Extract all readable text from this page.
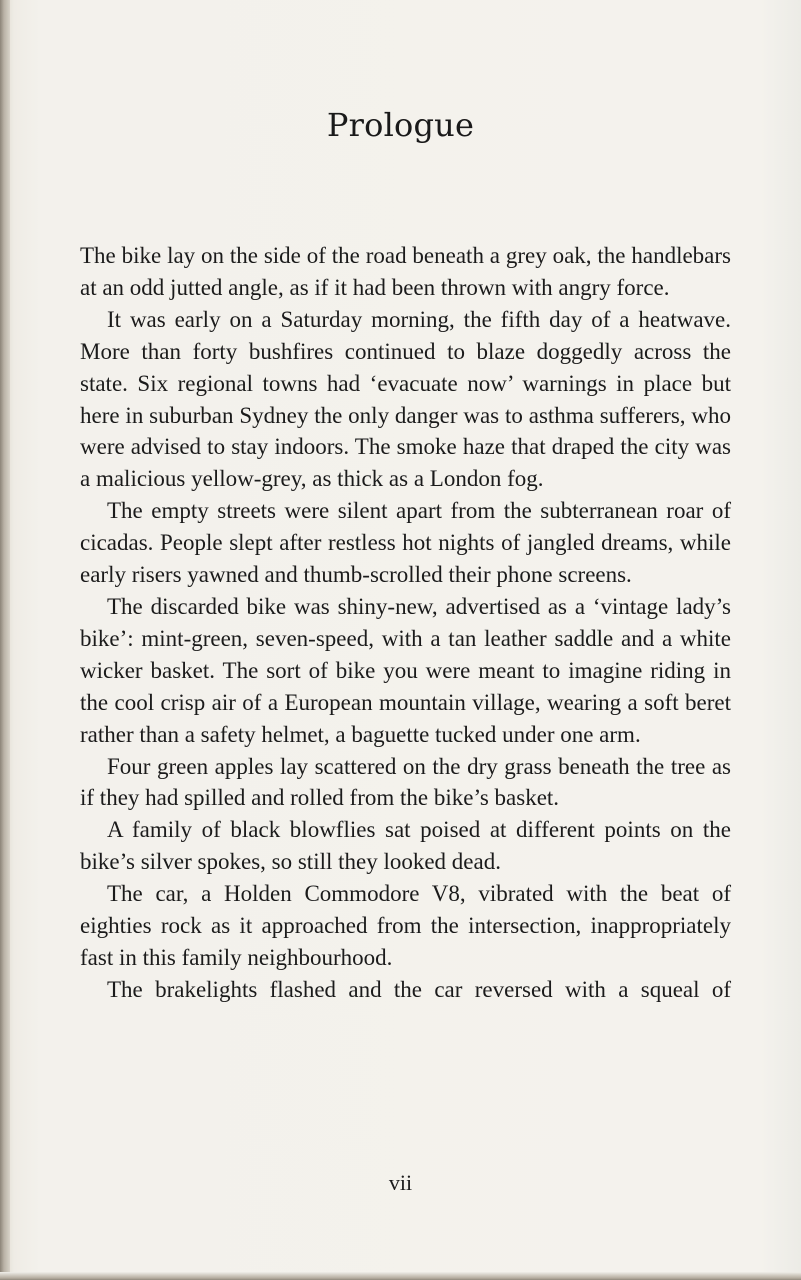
Prologue

The bike lay on the side of the road beneath a grey oak, the handlebars at an odd jutted angle, as if it had been thrown with angry force.

It was early on a Saturday morning, the fifth day of a heatwave. More than forty bushfires continued to blaze doggedly across the state. Six regional towns had ‘evacuate now’ warnings in place but here in suburban Sydney the only danger was to asthma sufferers, who were advised to stay indoors. The smoke haze that draped the city was a malicious yellow-grey, as thick as a London fog.

The empty streets were silent apart from the subterranean roar of cicadas. People slept after restless hot nights of jangled dreams, while early risers yawned and thumb-scrolled their phone screens.

The discarded bike was shiny-new, advertised as a ‘vintage lady’s bike’: mint-green, seven-speed, with a tan leather saddle and a white wicker basket. The sort of bike you were meant to imagine riding in the cool crisp air of a European mountain village, wearing a soft beret rather than a safety helmet, a baguette tucked under one arm.

Four green apples lay scattered on the dry grass beneath the tree as if they had spilled and rolled from the bike’s basket.

A family of black blowflies sat poised at different points on the bike’s silver spokes, so still they looked dead.

The car, a Holden Commodore V8, vibrated with the beat of eighties rock as it approached from the intersection, inappropriately fast in this family neighbourhood.

The brakelights flashed and the car reversed with a squeal of

vii
